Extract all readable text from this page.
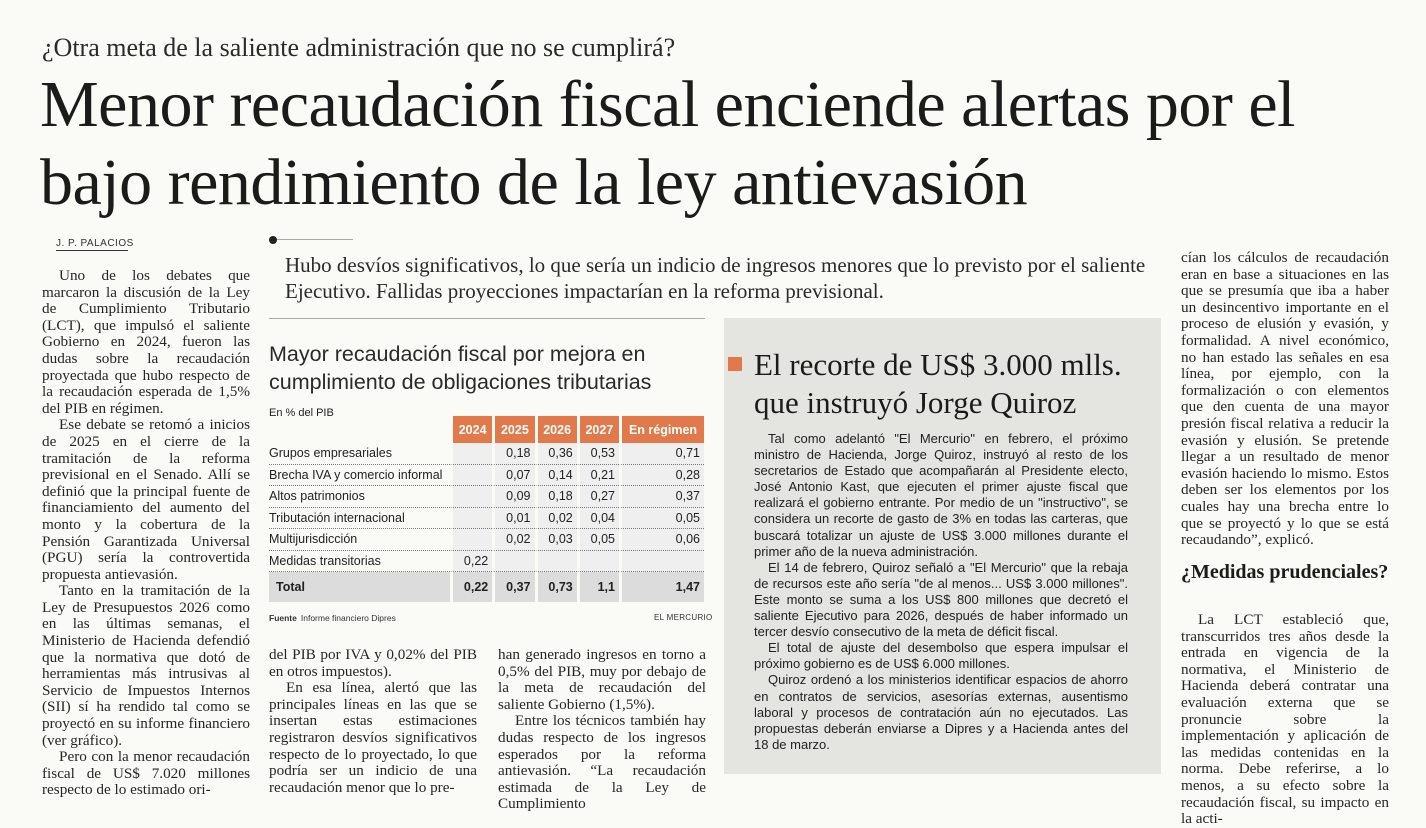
¿Otra meta de la saliente administración que no se cumplirá?
Menor recaudación fiscal enciende alertas por el bajo rendimiento de la ley antievasión
J. P. PALACIOS
Hubo desvíos significativos, lo que sería un indicio de ingresos menores que lo previsto por el saliente Ejecutivo. Fallidas proyecciones impactarían en la reforma previsional.

Uno de los debates que marcaron la discusión de la Ley de Cumplimiento Tributario (LCT), que impulsó el saliente Gobierno en 2024, fueron las dudas sobre la recaudación proyectada que hubo respecto de la recaudación esperada de 1,5% del PIB en régimen.

Ese debate se retomó a inicios de 2025 en el cierre de la tramitación de la reforma previsional en el Senado. Allí se definió que la principal fuente de financiamiento del aumento del monto y la cobertura de la Pensión Garantizada Universal (PGU) sería la controvertida propuesta antievasión.

Tanto en la tramitación de la Ley de Presupuestos 2026 como en las últimas semanas, el Ministerio de Hacienda defendió que la normativa que dotó de herramientas más intrusivas al Servicio de Impuestos Internos (SII) sí ha rendido tal como se proyectó en su informe financiero (ver gráfico).

Pero con la menor recaudación fiscal de US$ 7.020 millones respecto de lo estimado ori-

Mayor recaudación fiscal por mejora en cumplimiento de obligaciones tributarias
En % del PIB
	2024	2025	2026	2027	En régimen
Grupos empresariales		0,18	0,36	0,53	0,71
Brecha IVA y comercio informal		0,07	0,14	0,21	0,28
Altos patrimonios		0,09	0,18	0,27	0,37
Tributación internacional		0,01	0,02	0,04	0,05
Multijurisdicción		0,02	0,03	0,05	0,06
Medidas transitorias	0,22				
Total	0,22	0,37	0,73	1,1	1,47
Fuente Informe financiero Dipres	EL MERCURIO

del PIB por IVA y 0,02% del PIB en otros impuestos).

En esa línea, alertó que las principales líneas en las que se insertan estas estimaciones registraron desvíos significativos respecto de lo proyectado, lo que podría ser un indicio de una recaudación menor que lo pre-

han generado ingresos en torno a 0,5% del PIB, muy por debajo de la meta de recaudación del saliente Gobierno (1,5%).

Entre los técnicos también hay dudas respecto de los ingresos esperados por la reforma antievasión. “La recaudación estimada de la Ley de Cumplimiento

El recorte de US$ 3.000 mlls. que instruyó Jorge Quiroz

Tal como adelantó "El Mercurio" en febrero, el próximo ministro de Hacienda, Jorge Quiroz, instruyó al resto de los secretarios de Estado que acompañarán al Presidente electo, José Antonio Kast, que ejecuten el primer ajuste fiscal que realizará el gobierno entrante. Por medio de un "instructivo", se considera un recorte de gasto de 3% en todas las carteras, que buscará totalizar un ajuste de US$ 3.000 millones durante el primer año de la nueva administración.

El 14 de febrero, Quiroz señaló a "El Mercurio" que la rebaja de recursos este año sería "de al menos... US$ 3.000 millones". Este monto se suma a los US$ 800 millones que decretó el saliente Ejecutivo para 2026, después de haber informado un tercer desvío consecutivo de la meta de déficit fiscal.

El total de ajuste del desembolso que espera impulsar el próximo gobierno es de US$ 6.000 millones.

Quiroz ordenó a los ministerios identificar espacios de ahorro en contratos de servicios, asesorías externas, ausentismo laboral y procesos de contratación aún no ejecutados. Las propuestas deberán enviarse a Dipres y a Hacienda antes del 18 de marzo.

cían los cálculos de recaudación eran en base a situaciones en las que se presumía que iba a haber un desincentivo importante en el proceso de elusión y evasión, y formalidad. A nivel económico, no han estado las señales en esa línea, por ejemplo, con la formalización o con elementos que den cuenta de una mayor presión fiscal relativa a reducir la evasión y elusión. Se pretende llegar a un resultado de menor evasión haciendo lo mismo. Estos deben ser los elementos por los cuales hay una brecha entre lo que se proyectó y lo que se está recaudando”, explicó.

¿Medidas prudenciales?

La LCT estableció que, transcurridos tres años desde la entrada en vigencia de la normativa, el Ministerio de Hacienda deberá contratar una evaluación externa que se pronuncie sobre la implementación y aplicación de las medidas contenidas en la norma. Debe referirse, a lo menos, a su efecto sobre la recaudación fiscal, su impacto en la acti-
